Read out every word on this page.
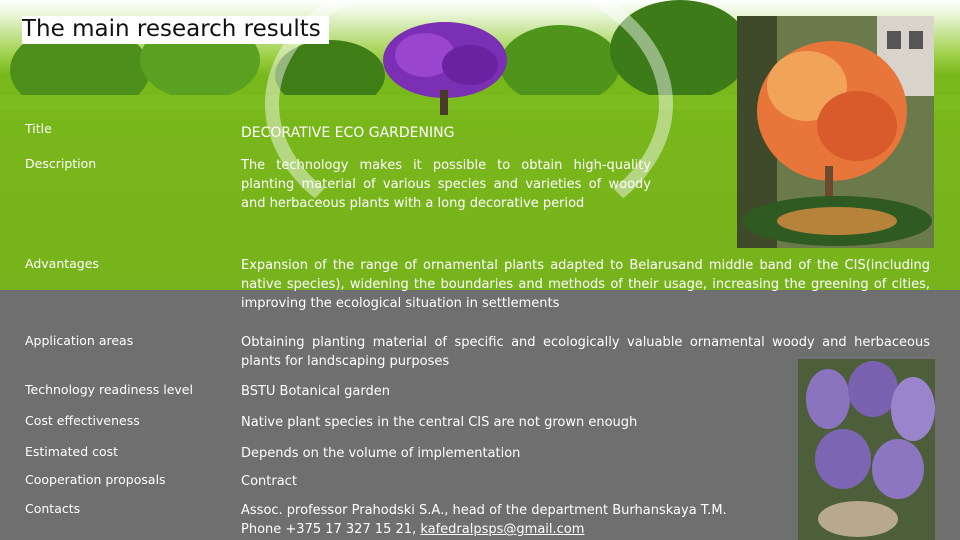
The main research results
Title	DECORATIVE ECO GARDENING
Description	The technology makes it possible to obtain high-quality planting material of various species and varieties of woody and herbaceous plants with a long decorative period
Advantages	Expansion of the range of ornamental plants adapted to Belarusand middle band of the CIS(including native species), widening the boundaries and methods of their usage, increasing the greening of cities, improving the ecological situation in settlements
Application areas	Obtaining planting material of specific and ecologically valuable ornamental woody and herbaceous plants for landscaping purposes
Technology readiness level	BSTU Botanical garden
Cost effectiveness	Native plant species in the central CIS are not grown enough
Estimated cost	Depends on the volume of implementation
Cooperation proposals	Contract
Contacts	Assoc. professor Prahodski S.A., head of the department Burhanskaya T.M.
Phone +375 17 327 15 21, kafedralpsps@gmail.com
